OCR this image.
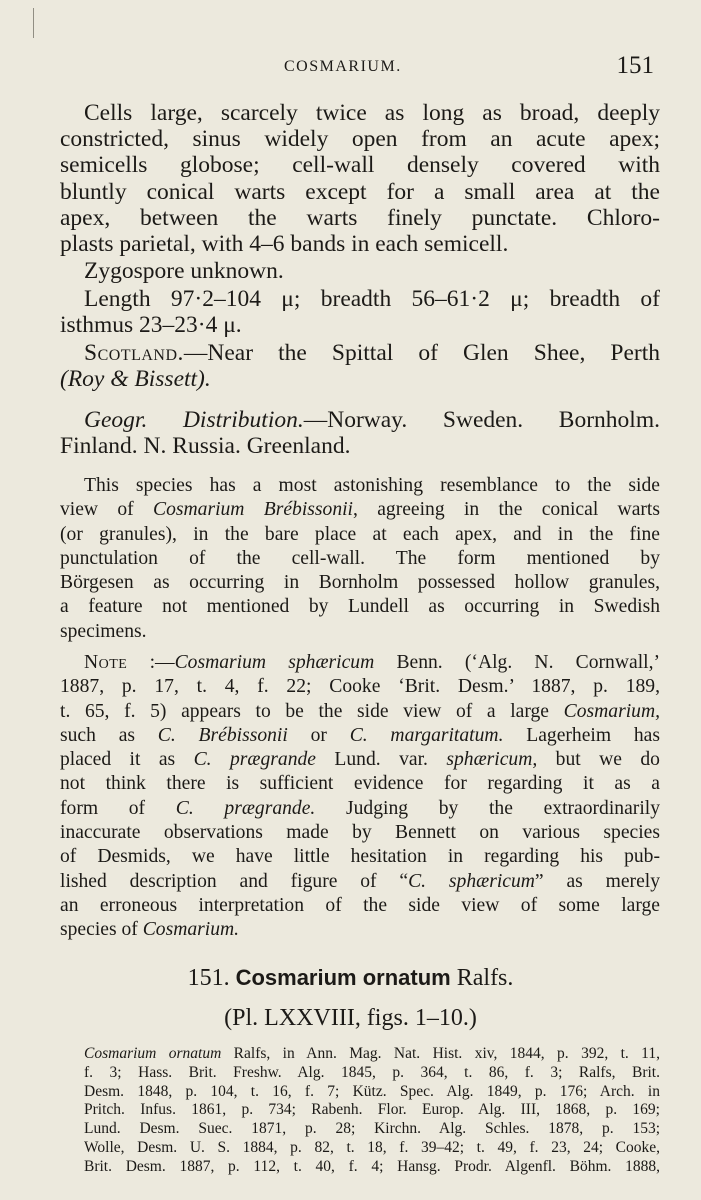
COSMARIUM.	151
Cells large, scarcely twice as long as broad, deeply
constricted, sinus widely open from an acute apex;
semicells globose; cell-wall densely covered with
bluntly conical warts except for a small area at the
apex, between the warts finely punctate. Chloro-
plasts parietal, with 4–6 bands in each semicell.
Zygospore unknown.
Length 97·2–104 μ; breadth 56–61·2 μ; breadth of
isthmus 23–23·4 μ.
Scotland.—Near the Spittal of Glen Shee, Perth
(Roy & Bissett).
Geogr. Distribution.—Norway. Sweden. Bornholm.
Finland. N. Russia. Greenland.
This species has a most astonishing resemblance to the side
view of Cosmarium Brébissonii, agreeing in the conical warts
(or granules), in the bare place at each apex, and in the fine
punctulation of the cell-wall. The form mentioned by
Börgesen as occurring in Bornholm possessed hollow granules,
a feature not mentioned by Lundell as occurring in Swedish
specimens.
Note :—Cosmarium sphæricum Benn. (‘Alg. N. Cornwall,’
1887, p. 17, t. 4, f. 22; Cooke ‘Brit. Desm.’ 1887, p. 189,
t. 65, f. 5) appears to be the side view of a large Cosmarium,
such as C. Brébissonii or C. margaritatum. Lagerheim has
placed it as C. prægrande Lund. var. sphæricum, but we do
not think there is sufficient evidence for regarding it as a
form of C. prægrande. Judging by the extraordinarily
inaccurate observations made by Bennett on various species
of Desmids, we have little hesitation in regarding his pub-
lished description and figure of “C. sphæricum” as merely
an erroneous interpretation of the side view of some large
species of Cosmarium.
151. Cosmarium ornatum Ralfs.
(Pl. LXXVIII, figs. 1–10.)
Cosmarium ornatum Ralfs, in Ann. Mag. Nat. Hist. xiv, 1844, p. 392, t. 11,
f. 3; Hass. Brit. Freshw. Alg. 1845, p. 364, t. 86, f. 3; Ralfs, Brit.
Desm. 1848, p. 104, t. 16, f. 7; Kütz. Spec. Alg. 1849, p. 176; Arch. in
Pritch. Infus. 1861, p. 734; Rabenh. Flor. Europ. Alg. III, 1868, p. 169;
Lund. Desm. Suec. 1871, p. 28; Kirchn. Alg. Schles. 1878, p. 153;
Wolle, Desm. U. S. 1884, p. 82, t. 18, f. 39–42; t. 49, f. 23, 24; Cooke,
Brit. Desm. 1887, p. 112, t. 40, f. 4; Hansg. Prodr. Algenfl. Böhm. 1888,
